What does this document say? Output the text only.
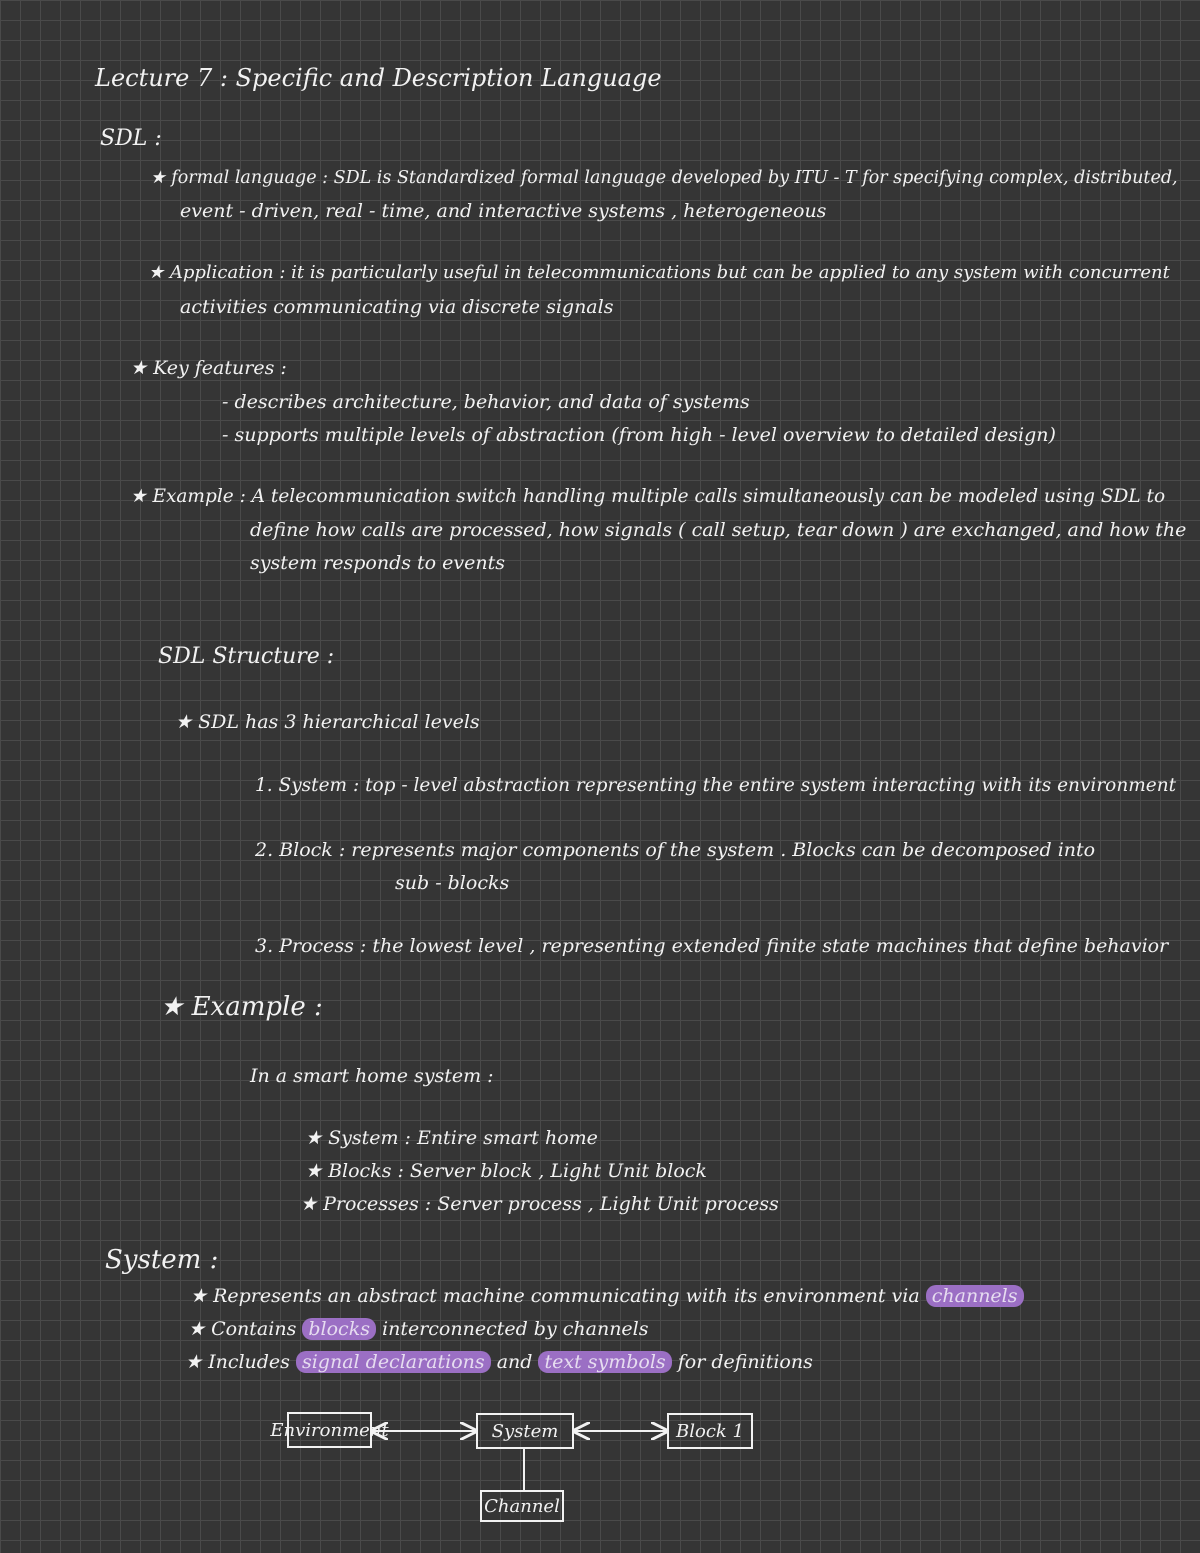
Lecture 7 : Specific and Description Language
SDL :
★ formal language : SDL is Standardized formal language developed by ITU - T for specifying complex, distributed,
event - driven, real - time, and interactive systems , heterogeneous
★ Application : it is particularly useful in telecommunications but can be applied to any system with concurrent
activities communicating via discrete signals
★ Key features :
- describes architecture, behavior, and data of systems
- supports multiple levels of abstraction (from high - level overview to detailed design)
★ Example : A telecommunication switch handling multiple calls simultaneously can be modeled using SDL to
define how calls are processed, how signals ( call setup, tear down ) are exchanged, and how the
system responds to events
SDL Structure :
★ SDL has 3 hierarchical levels
1. System : top - level abstraction representing the entire system interacting with its environment
2. Block : represents major components of the system . Blocks can be decomposed into
sub - blocks
3. Process : the lowest level , representing extended finite state machines that define behavior
★ Example :
In a smart home system :
★ System : Entire smart home
★ Blocks : Server block , Light Unit block
★ Processes : Server process , Light Unit process
System :
★ Represents an abstract machine communicating with its environment via channels
★ Contains blocks interconnected by channels
★ Includes signal declarations and text symbols for definitions
Environment	System	Block 1
Channel
